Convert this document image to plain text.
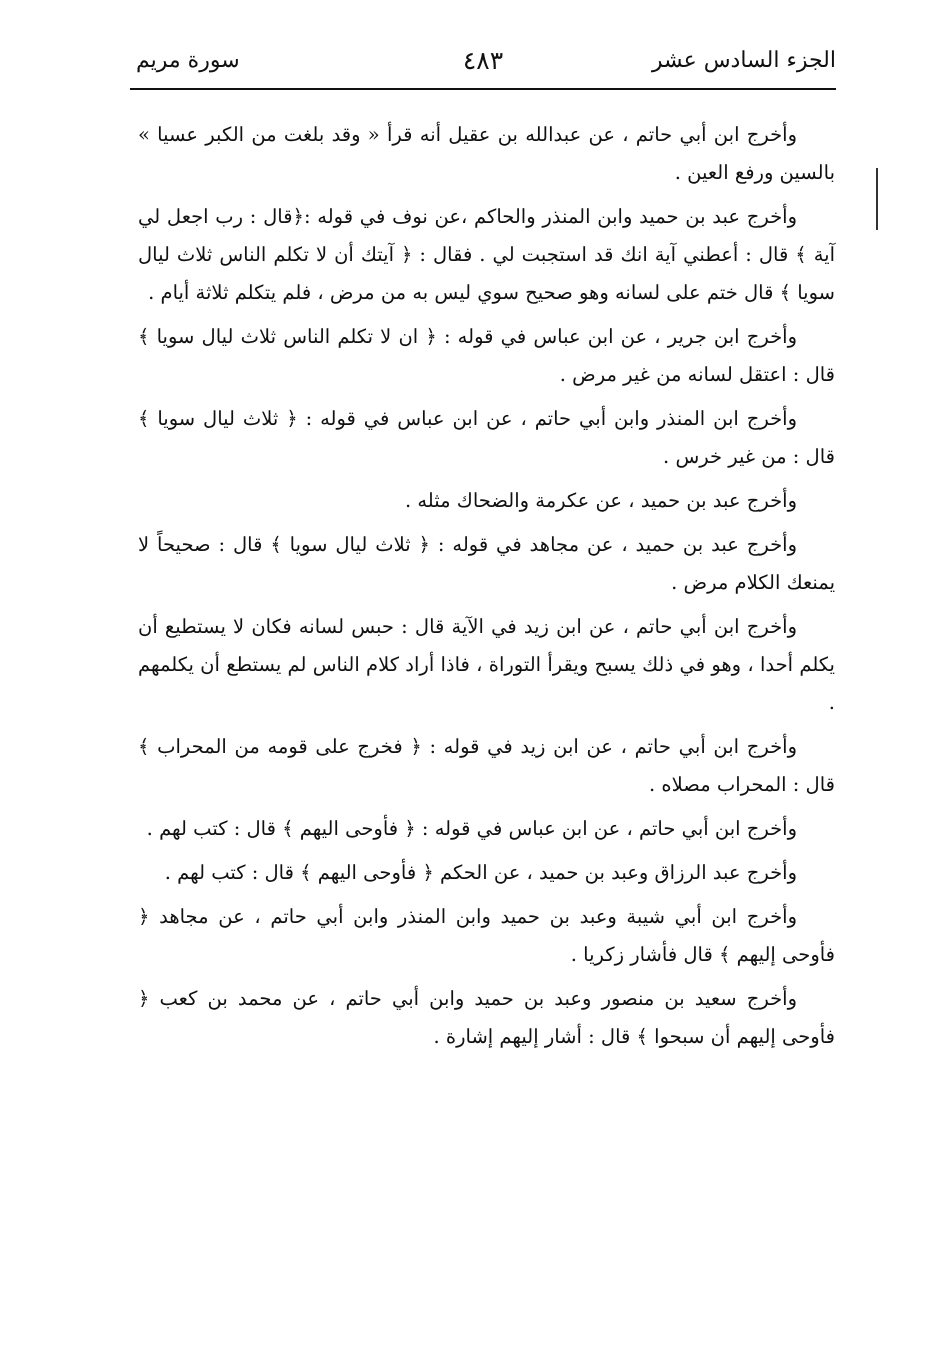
الجزء السادس عشر
٤٨٣
سورة مريم

وأخرج ابن أبي حاتم ، عن عبدالله بن عقيل أنه قرأ « وقد بلغت من الكبر عسيا » بالسين ورفع العين .

وأخرج عبد بن حميد وابن المنذر والحاكم ،عن نوف في قوله :﴿قال : رب اجعل لي آية ﴾ قال : أعطني آية انك قد استجبت لي . فقال : ﴿ آيتك أن لا تكلم الناس ثلاث ليال سويا ﴾ قال ختم على لسانه وهو صحيح سوي ليس به من مرض ، فلم يتكلم ثلاثة أيام .

وأخرج ابن جرير ، عن ابن عباس في قوله : ﴿ ان لا تكلم الناس ثلاث ليال سويا ﴾ قال : اعتقل لسانه من غير مرض .

وأخرج ابن المنذر وابن أبي حاتم ، عن ابن عباس في قوله : ﴿ ثلاث ليال سويا ﴾ قال : من غير خرس .

وأخرج عبد بن حميد ، عن عكرمة والضحاك مثله .

وأخرج عبد بن حميد ، عن مجاهد في قوله : ﴿ ثلاث ليال سويا ﴾ قال : صحيحاً لا يمنعك الكلام مرض .

وأخرج ابن أبي حاتم ، عن ابن زيد في الآية قال : حبس لسانه فكان لا يستطيع أن يكلم أحدا ، وهو في ذلك يسبح ويقرأ التوراة ، فاذا أراد كلام الناس لم يستطع أن يكلمهم .

وأخرج ابن أبي حاتم ، عن ابن زيد في قوله : ﴿ فخرج على قومه من المحراب ﴾ قال : المحراب مصلاه .

وأخرج ابن أبي حاتم ، عن ابن عباس في قوله : ﴿ فأوحى اليهم ﴾ قال : كتب لهم .

وأخرج عبد الرزاق وعبد بن حميد ، عن الحكم ﴿ فأوحى اليهم ﴾ قال : كتب لهم .

وأخرج ابن أبي شيبة وعبد بن حميد وابن المنذر وابن أبي حاتم ، عن مجاهد ﴿ فأوحى إليهم ﴾ قال فأشار زكريا .

وأخرج سعيد بن منصور وعبد بن حميد وابن أبي حاتم ، عن محمد بن كعب ﴿ فأوحى إليهم أن سبحوا ﴾ قال : أشار إليهم إشارة .
